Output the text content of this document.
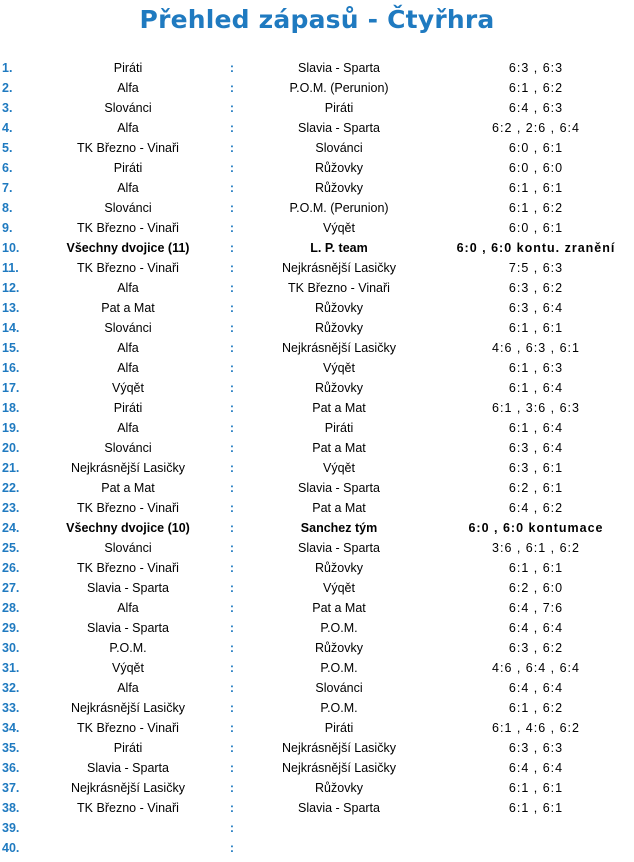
Přehled zápasů - Čtyřhra
1.	Piráti	:	Slavia - Sparta	6:3 , 6:3
2.	Alfa	:	P.O.M. (Perunion)	6:1 , 6:2
3.	Slovánci	:	Piráti	6:4 , 6:3
4.	Alfa	:	Slavia - Sparta	6:2 , 2:6 , 6:4
5.	TK Březno - Vinaři	:	Slovánci	6:0 , 6:1
6.	Piráti	:	Růžovky	6:0 , 6:0
7.	Alfa	:	Růžovky	6:1 , 6:1
8.	Slovánci	:	P.O.M. (Perunion)	6:1 , 6:2
9.	TK Březno - Vinaři	:	Výqět	6:0 , 6:1
10.	Všechny dvojice (11)	:	L. P. team	6:0 , 6:0 kontu. zranění
11.	TK Březno - Vinaři	:	Nejkrásnější Lasičky	7:5 , 6:3
12.	Alfa	:	TK Březno - Vinaři	6:3 , 6:2
13.	Pat a Mat	:	Růžovky	6:3 , 6:4
14.	Slovánci	:	Růžovky	6:1 , 6:1
15.	Alfa	:	Nejkrásnější Lasičky	4:6 , 6:3 , 6:1
16.	Alfa	:	Výqět	6:1 , 6:3
17.	Výqět	:	Růžovky	6:1 , 6:4
18.	Piráti	:	Pat a Mat	6:1 , 3:6 , 6:3
19.	Alfa	:	Piráti	6:1 , 6:4
20.	Slovánci	:	Pat a Mat	6:3 , 6:4
21.	Nejkrásnější Lasičky	:	Výqět	6:3 , 6:1
22.	Pat a Mat	:	Slavia - Sparta	6:2 , 6:1
23.	TK Březno - Vinaři	:	Pat a Mat	6:4 , 6:2
24.	Všechny dvojice (10)	:	Sanchez tým	6:0 , 6:0 kontumace
25.	Slovánci	:	Slavia - Sparta	3:6 , 6:1 , 6:2
26.	TK Březno - Vinaři	:	Růžovky	6:1 , 6:1
27.	Slavia - Sparta	:	Výqět	6:2 , 6:0
28.	Alfa	:	Pat a Mat	6:4 , 7:6
29.	Slavia - Sparta	:	P.O.M.	6:4 , 6:4
30.	P.O.M.	:	Růžovky	6:3 , 6:2
31.	Výqět	:	P.O.M.	4:6 , 6:4 , 6:4
32.	Alfa	:	Slovánci	6:4 , 6:4
33.	Nejkrásnější Lasičky	:	P.O.M.	6:1 , 6:2
34.	TK Březno - Vinaři	:	Piráti	6:1 , 4:6 , 6:2
35.	Piráti	:	Nejkrásnější Lasičky	6:3 , 6:3
36.	Slavia - Sparta	:	Nejkrásnější Lasičky	6:4 , 6:4
37.	Nejkrásnější Lasičky	:	Růžovky	6:1 , 6:1
38.	TK Březno - Vinaři	:	Slavia - Sparta	6:1 , 6:1
39.	:
40.	:
